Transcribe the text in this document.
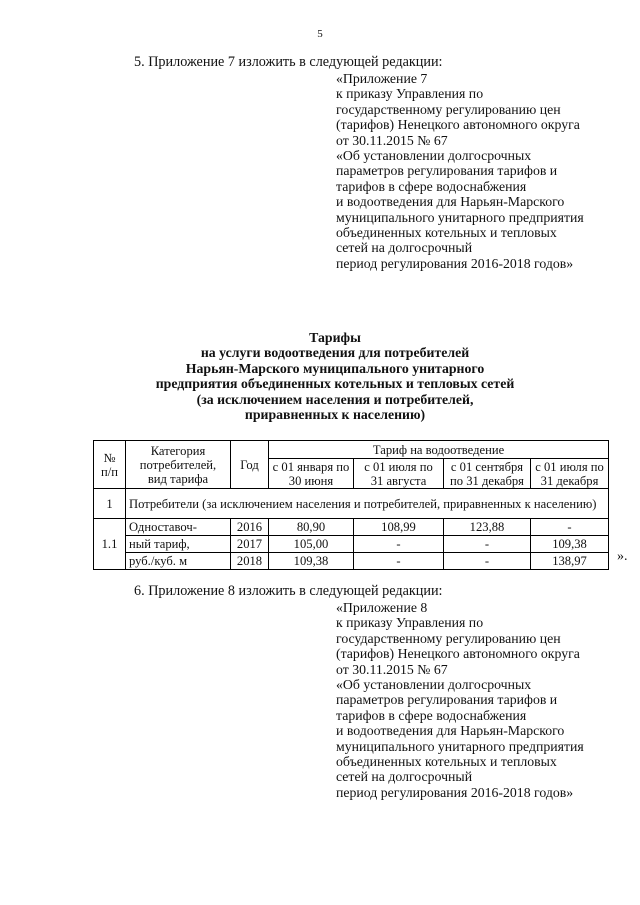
5
5. Приложение 7 изложить в следующей редакции:
«Приложение 7
к приказу Управления по
государственному регулированию цен
(тарифов) Ненецкого автономного округа
от 30.11.2015 № 67
«Об установлении долгосрочных
параметров регулирования тарифов и
тарифов в сфере водоснабжения
и водоотведения для Нарьян-Марского
муниципального унитарного предприятия
объединенных котельных и тепловых
сетей на долгосрочный
период регулирования 2016-2018 годов»
Тарифы
на услуги водоотведения для потребителей
Нарьян-Марского муниципального унитарного
предприятия объединенных котельных и тепловых сетей
(за исключением населения и потребителей,
приравненных к населению)
№ п/п	Категория потребителей, вид тарифа	Год	Тариф на водоотведение			
			с 01 января по 30 июня	с 01 июля по 31 августа	с 01 сентября по 31 декабря	с 01 июля по 31 декабря
1	Потребители (за исключением населения и потребителей, приравненных к населению)					
1.1	Одноставоч-	2016	80,90	108,99	123,88	-
	ный тариф,	2017	105,00	-	-	109,38
	руб./куб. м	2018	109,38	-	-	138,97 ».
6. Приложение 8 изложить в следующей редакции:
«Приложение 8
к приказу Управления по
государственному регулированию цен
(тарифов) Ненецкого автономного округа
от 30.11.2015 № 67
«Об установлении долгосрочных
параметров регулирования тарифов и
тарифов в сфере водоснабжения
и водоотведения для Нарьян-Марского
муниципального унитарного предприятия
объединенных котельных и тепловых
сетей на долгосрочный
период регулирования 2016-2018 годов»
